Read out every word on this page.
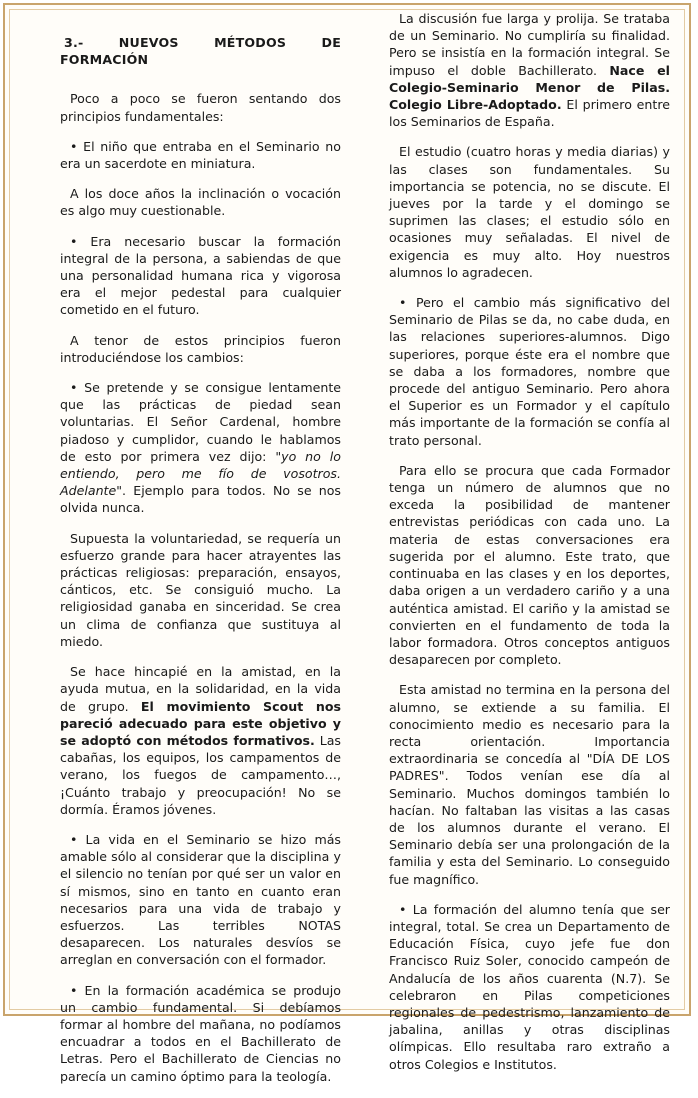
3.- NUEVOS MÉTODOS DE FORMACIÓN

Poco a poco se fueron sentando dos principios fundamentales:

• El niño que entraba en el Seminario no era un sacerdote en miniatura.

A los doce años la inclinación o vocación es algo muy cuestionable.

• Era necesario buscar la formación integral de la persona, a sabiendas de que una personalidad humana rica y vigorosa era el mejor pedestal para cualquier cometido en el futuro.

A tenor de estos principios fueron introduciéndose los cambios:

• Se pretende y se consigue lentamente que las prácticas de piedad sean voluntarias. El Señor Cardenal, hombre piadoso y cumplidor, cuando le hablamos de esto por primera vez dijo: "yo no lo entiendo, pero me fío de vosotros. Adelante". Ejemplo para todos. No se nos olvida nunca.

Supuesta la voluntariedad, se requería un esfuerzo grande para hacer atrayentes las prácticas religiosas: preparación, ensayos, cánticos, etc. Se consiguió mucho. La religiosidad ganaba en sinceridad. Se crea un clima de confianza que sustituya al miedo.

Se hace hincapié en la amistad, en la ayuda mutua, en la solidaridad, en la vida de grupo. El movimiento Scout nos pareció adecuado para este objetivo y se adoptó con métodos formativos. Las cabañas, los equipos, los campamentos de verano, los fuegos de campamento…, ¡Cuánto trabajo y preocupación! No se dormía. Éramos jóvenes.

• La vida en el Seminario se hizo más amable sólo al considerar que la disciplina y el silencio no tenían por qué ser un valor en sí mismos, sino en tanto en cuanto eran necesarios para una vida de trabajo y esfuerzos. Las terribles NOTAS desaparecen. Los naturales desvíos se arreglan en conversación con el formador.

• En la formación académica se produjo un cambio fundamental. Si debíamos formar al hombre del mañana, no podíamos encuadrar a todos en el Bachillerato de Letras. Pero el Bachillerato de Ciencias no parecía un camino óptimo para la teología.

La discusión fue larga y prolija. Se trataba de un Seminario. No cumpliría su finalidad. Pero se insistía en la formación integral. Se impuso el doble Bachillerato. Nace el Colegio-Seminario Menor de Pilas. Colegio Libre-Adoptado. El primero entre los Seminarios de España.

El estudio (cuatro horas y media diarias) y las clases son fundamentales. Su importancia se potencia, no se discute. El jueves por la tarde y el domingo se suprimen las clases; el estudio sólo en ocasiones muy señaladas. El nivel de exigencia es muy alto. Hoy nuestros alumnos lo agradecen.

• Pero el cambio más significativo del Seminario de Pilas se da, no cabe duda, en las relaciones superiores-alumnos. Digo superiores, porque éste era el nombre que se daba a los formadores, nombre que procede del antiguo Seminario. Pero ahora el Superior es un Formador y el capítulo más importante de la formación se confía al trato personal.

Para ello se procura que cada Formador tenga un número de alumnos que no exceda la posibilidad de mantener entrevistas periódicas con cada uno. La materia de estas conversaciones era sugerida por el alumno. Este trato, que continuaba en las clases y en los deportes, daba origen a un verdadero cariño y a una auténtica amistad. El cariño y la amistad se convierten en el fundamento de toda la labor formadora. Otros conceptos antiguos desaparecen por completo.

Esta amistad no termina en la persona del alumno, se extiende a su familia. El conocimiento medio es necesario para la recta orientación. Importancia extraordinaria se concedía al "DÍA DE LOS PADRES". Todos venían ese día al Seminario. Muchos domingos también lo hacían. No faltaban las visitas a las casas de los alumnos durante el verano. El Seminario debía ser una prolongación de la familia y esta del Seminario. Lo conseguido fue magnífico.

• La formación del alumno tenía que ser integral, total. Se crea un Departamento de Educación Física, cuyo jefe fue don Francisco Ruiz Soler, conocido campeón de Andalucía de los años cuarenta (N.7). Se celebraron en Pilas competiciones regionales de pedestrismo, lanzamiento de jabalina, anillas y otras disciplinas olímpicas. Ello resultaba raro extraño a otros Colegios e Institutos.
